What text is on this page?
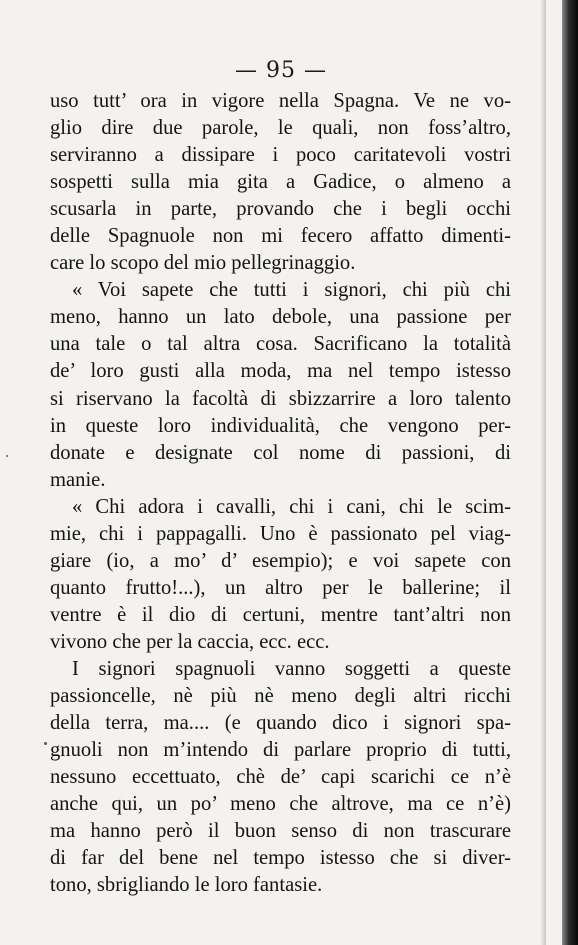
— 95 —
uso tutt’ ora in vigore nella Spagna. Ve ne vo-
glio dire due parole, le quali, non foss’altro,
serviranno a dissipare i poco caritatevoli vostri
sospetti sulla mia gita a Gadice, o almeno a
scusarla in parte, provando che i begli occhi
delle Spagnuole non mi fecero affatto dimenti-
care lo scopo del mio pellegrinaggio.
« Voi sapete che tutti i signori, chi più chi
meno, hanno un lato debole, una passione per
una tale o tal altra cosa. Sacrificano la totalità
de’ loro gusti alla moda, ma nel tempo istesso
si riservano la facoltà di sbizzarrire a loro talento
in queste loro individualità, che vengono per-
donate e designate col nome di passioni, di
manie.
« Chi adora i cavalli, chi i cani, chi le scim-
mie, chi i pappagalli. Uno è passionato pel viag-
giare (io, a mo’ d’ esempio); e voi sapete con
quanto frutto!...), un altro per le ballerine; il
ventre è il dio di certuni, mentre tant’altri non
vivono che per la caccia, ecc. ecc.
I signori spagnuoli vanno soggetti a queste
passioncelle, nè più nè meno degli altri ricchi
della terra, ma.... (e quando dico i signori spa-
gnuoli non m’intendo di parlare proprio di tutti,
nessuno eccettuato, chè de’ capi scarichi ce n’è
anche qui, un po’ meno che altrove, ma ce n’è)
ma hanno però il buon senso di non trascurare
di far del bene nel tempo istesso che si diver-
tono, sbrigliando le loro fantasie.
